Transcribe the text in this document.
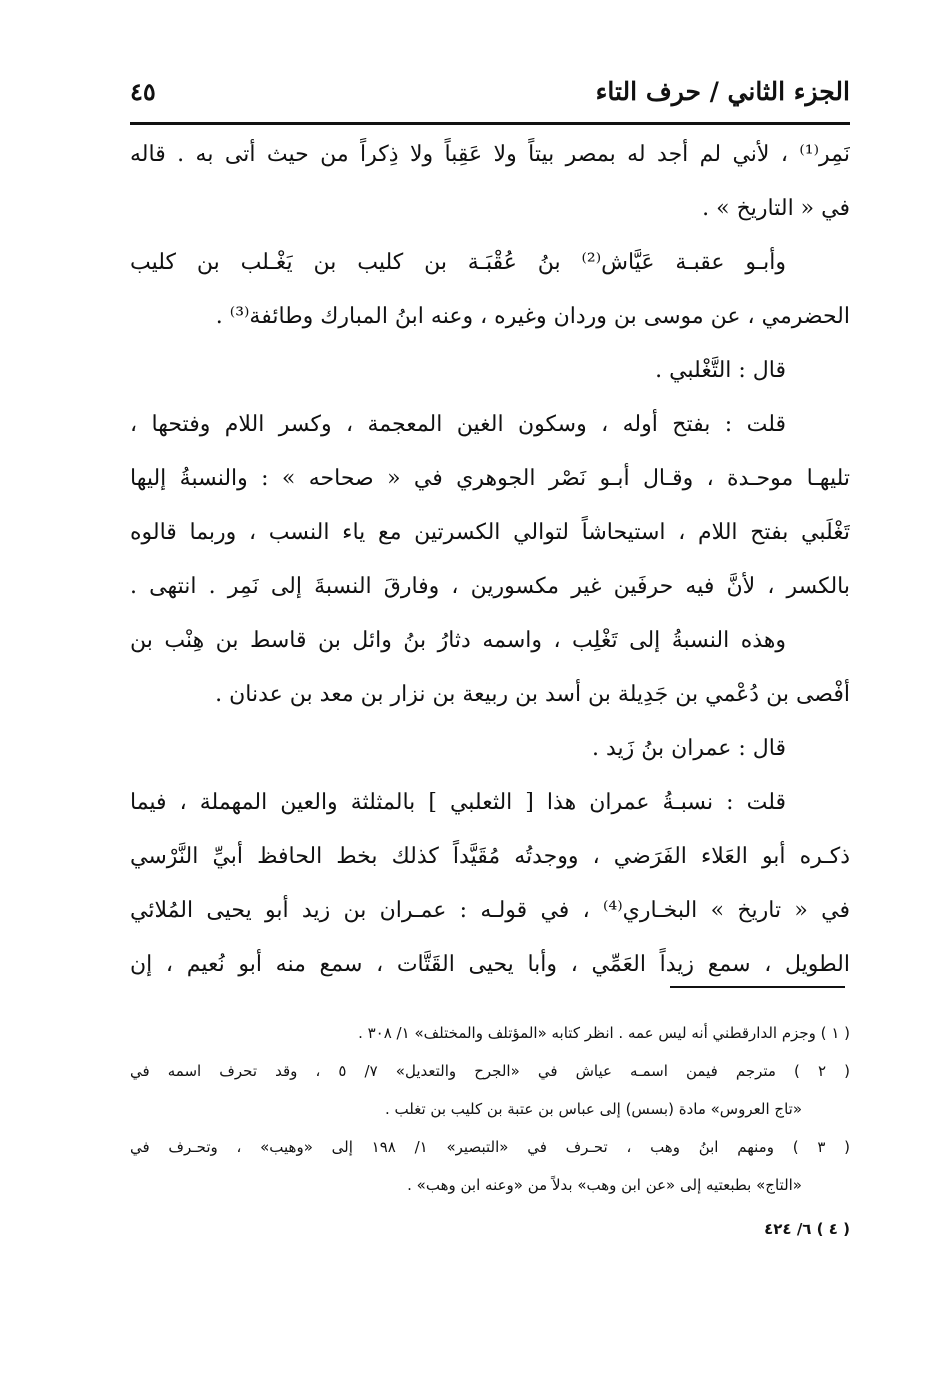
الجزء الثاني / حرف التاء
٤٥
نَمِر⁽¹⁾ ، لأني لم أجد له بمصر بيتاً ولا عَقِباً ولا ذِكراً من حيث أتى به . قاله
في « التاريخ » .
وأبـو عقبـة عَيَّاش⁽²⁾ بنُ عُقْبَـة بن كليب بن يَغْـلب بن كليب
الحضرمي ، عن موسى بن وردان وغيره ، وعنه ابنُ المبارك وطائفة⁽³⁾ .
قال : التَّغْلبي .
قلت : بفتح أوله ، وسكون الغين المعجمة ، وكسر اللام وفتحها ،
تليهـا موحـدة ، وقـال أبـو نَصْر الجوهري في « صحاحه » : والنسبةُ إليها
تَغْلَبي بفتح اللام ، استيحاشاً لتوالي الكسرتين مع ياء النسب ، وربما قالوه
بالكسر ، لأنَّ فيه حرفَين غير مكسورين ، وفارقَ النسبةَ إلى نَمِر . انتهى .
وهذه النسبةُ إلى تَغْلِب ، واسمه دثارُ بنُ وائل بن قاسط بن هِنْب بن
أفْصى بن دُعْمي بن جَدِيلة بن أسد بن ربيعة بن نزار بن معد بن عدنان .
قال : عمران بنُ زَيد .
قلت : نسبـةُ عمران هذا [ الثعلبي ] بالمثلثة والعين المهملة ، فيما
ذكـره أبو العَلاء الفَرَضي ، ووجدتُه مُقَيَّداً كذلك بخط الحافظ أبيِّ النَّرْسي
في « تاريخ » البخـاري⁽⁴⁾ ، في قولـه : عمـران بن زيد أبو يحيى المُلائي
الطويل ، سمع زيداً العَمِّي ، وأبا يحيى القَتَّات ، سمع منه أبو نُعيم ، إن
( ١ ) وجزم الدارقطني أنه ليس عمه . انظر كتابه «المؤتلف والمختلف» ١/ ٣٠٨ .
( ٢ ) مترجم فيمن اسمـه عياش في «الجرح والتعديل» ٧/ ٥ ، وقد تحرف اسمه في
«تاج العروس» مادة (بسس) إلى عباس بن عتبة بن كليب بن تغلب .
( ٣ ) ومنهم ابنُ وهب ، تحـرف في «التبصير» ١/ ١٩٨ إلى «وهيب» ، وتحـرف في
«التاج» بطبعتيه إلى «عن ابن وهب» بدلاً من «وعنه ابن وهب» .
( ٤ ) ٦/ ٤٢٤
